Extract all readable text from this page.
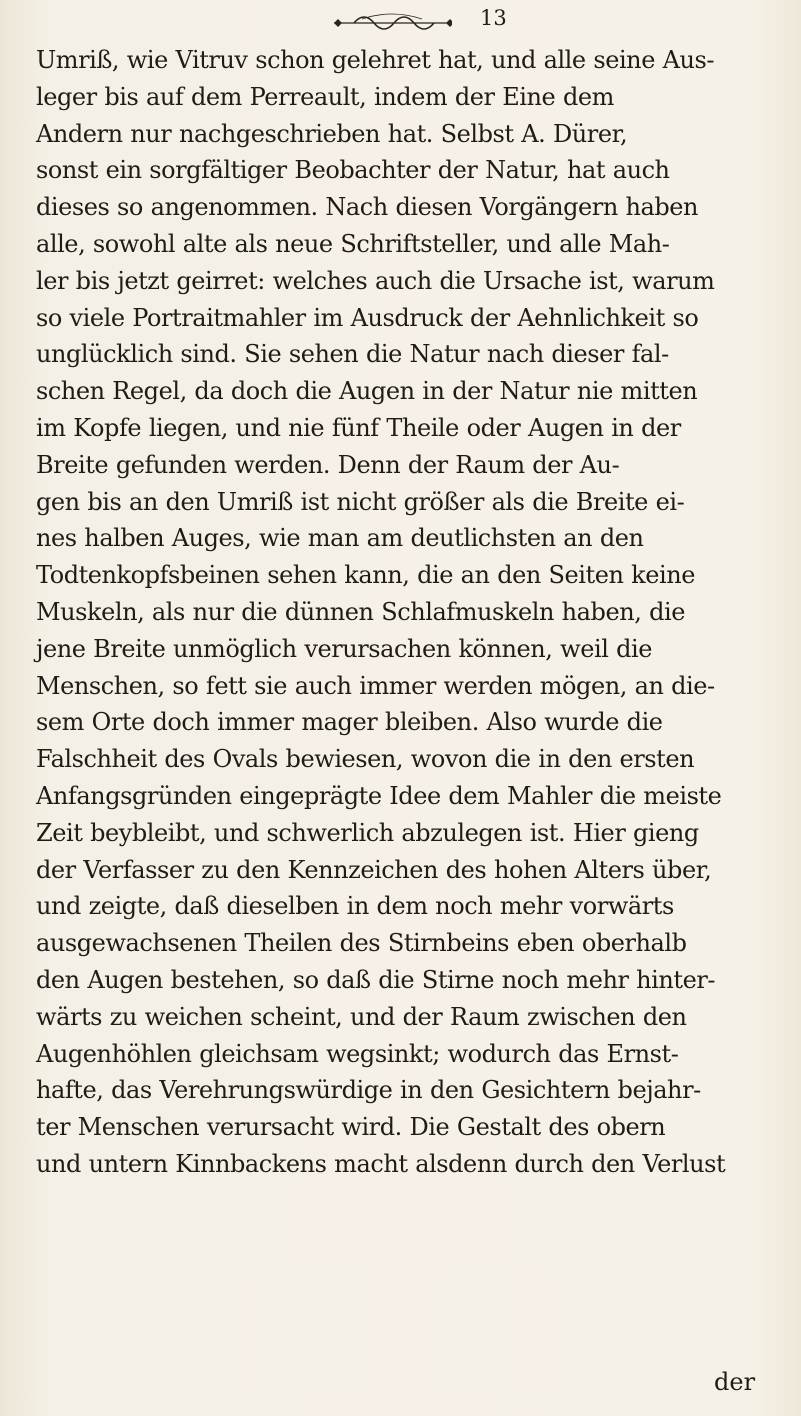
13
Umriß, wie Vitruv schon gelehret hat, und alle seine Aus-
leger bis auf dem Perreault, indem der Eine dem
Andern nur nachgeschrieben hat. Selbst A. Dürer,
sonst ein sorgfältiger Beobachter der Natur, hat auch
dieses so angenommen. Nach diesen Vorgängern haben
alle, sowohl alte als neue Schriftsteller, und alle Mah-
ler bis jetzt geirret: welches auch die Ursache ist, warum
so viele Portraitmahler im Ausdruck der Aehnlichkeit so
unglücklich sind. Sie sehen die Natur nach dieser fal-
schen Regel, da doch die Augen in der Natur nie mitten
im Kopfe liegen, und nie fünf Theile oder Augen in der
Breite gefunden werden. Denn der Raum der Au-
gen bis an den Umriß ist nicht größer als die Breite ei-
nes halben Auges, wie man am deutlichsten an den
Todtenkopfsbeinen sehen kann, die an den Seiten keine
Muskeln, als nur die dünnen Schlafmuskeln haben, die
jene Breite unmöglich verursachen können, weil die
Menschen, so fett sie auch immer werden mögen, an die-
sem Orte doch immer mager bleiben. Also wurde die
Falschheit des Ovals bewiesen, wovon die in den ersten
Anfangsgründen eingeprägte Idee dem Mahler die meiste
Zeit beybleibt, und schwerlich abzulegen ist. Hier gieng
der Verfasser zu den Kennzeichen des hohen Alters über,
und zeigte, daß dieselben in dem noch mehr vorwärts
ausgewachsenen Theilen des Stirnbeins eben oberhalb
den Augen bestehen, so daß die Stirne noch mehr hinter-
wärts zu weichen scheint, und der Raum zwischen den
Augenhöhlen gleichsam wegsinkt; wodurch das Ernst-
hafte, das Verehrungswürdige in den Gesichtern bejahr-
ter Menschen verursacht wird. Die Gestalt des obern
und untern Kinnbackens macht alsdenn durch den Verlust
der
